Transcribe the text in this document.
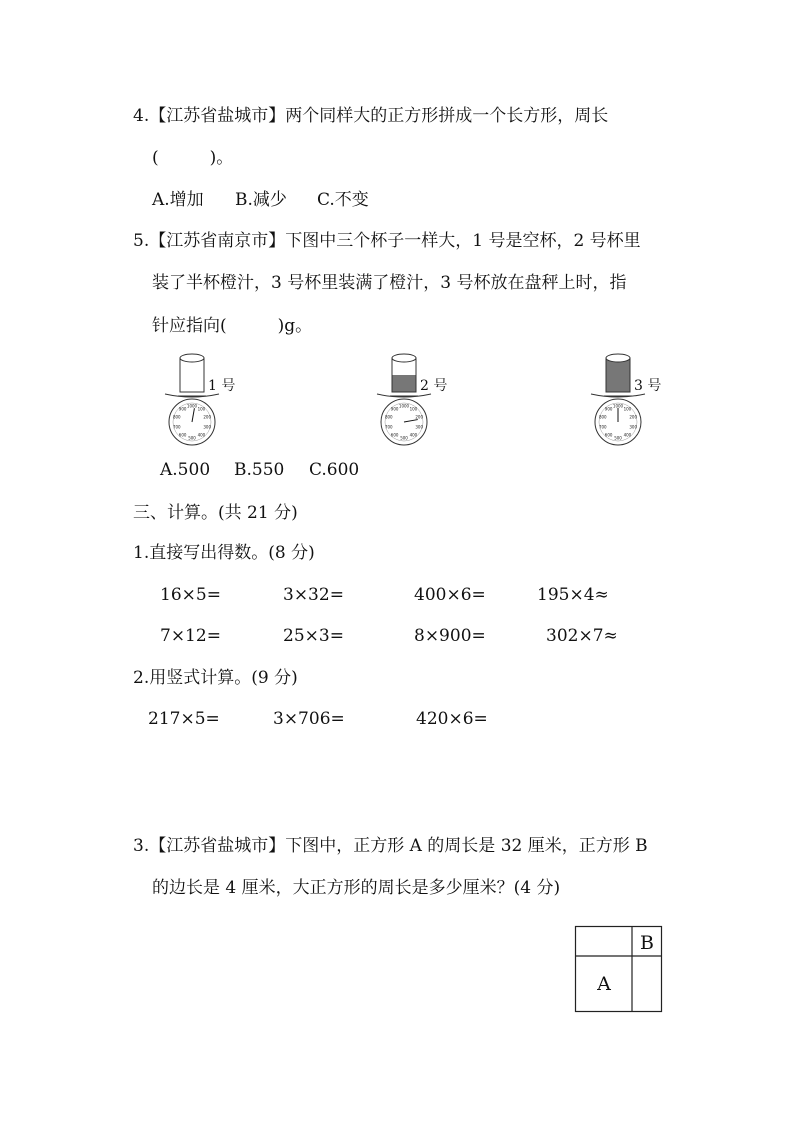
4.【江苏省盐城市】两个同样大的正方形拼成一个长方形，周长
(　　　)。
A.增加 B.减少 C.不变
5.【江苏省南京市】下图中三个杯子一样大，1 号是空杯，2 号杯里
装了半杯橙汁，3 号杯里装满了橙汁，3 号杯放在盘秤上时，指
针应指向(　　　)g。
1000
100
200
300
400
500
600
700
800
900
1 号
1000
100
200
300
400
500
600
700
800
900
2 号
1000
100
200
300
400
500
600
700
800
900
3 号
A.500 B.550 C.600
三、计算。(共 21 分)
1.直接写出得数。(8 分)
16×5=	3×32=	400×6=	195×4≈
7×12=	25×3=	8×900=	302×7≈
2.用竖式计算。(9 分)
217×5=	3×706=	420×6=
3.【江苏省盐城市】下图中，正方形 A 的周长是 32 厘米，正方形 B
的边长是 4 厘米，大正方形的周长是多少厘米？(4 分)
A
B
